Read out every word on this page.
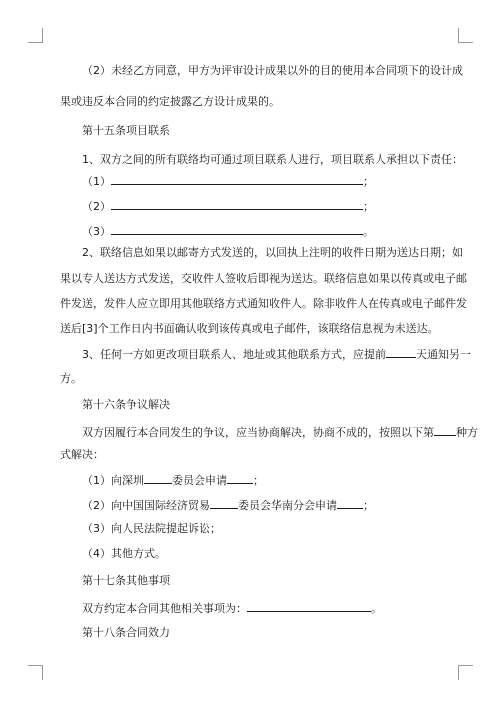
（2）未经乙方同意，甲方为评审设计成果以外的目的使用本合同项下的设计成
果或违反本合同的约定披露乙方设计成果的。
第十五条项目联系
1、双方之间的所有联络均可通过项目联系人进行，项目联系人承担以下责任：
（1）	；
（2）	；
（3）	。
2、联络信息如果以邮寄方式发送的，以回执上注明的收件日期为送达日期；如
果以专人送达方式发送，交收件人签收后即视为送达。联络信息如果以传真或电子邮
件发送，发件人应立即用其他联络方式通知收件人。除非收件人在传真或电子邮件发
送后[3]个工作日内书面确认收到该传真或电子邮件，该联络信息视为未送达。
3、任何一方如更改项目联系人、地址或其他联系方式，应提前	天通知另一
方。
第十六条争议解决
双方因履行本合同发生的争议，应当协商解决，协商不成的，按照以下第 种方
式解决：
（1）向深圳	委员会申请 ；
（2）向中国国际经济贸易	委员会华南分会申请 ；
（3）向人民法院提起诉讼；
（4）其他方式。
第十七条其他事项
双方约定本合同其他相关事项为：	。
第十八条合同效力
